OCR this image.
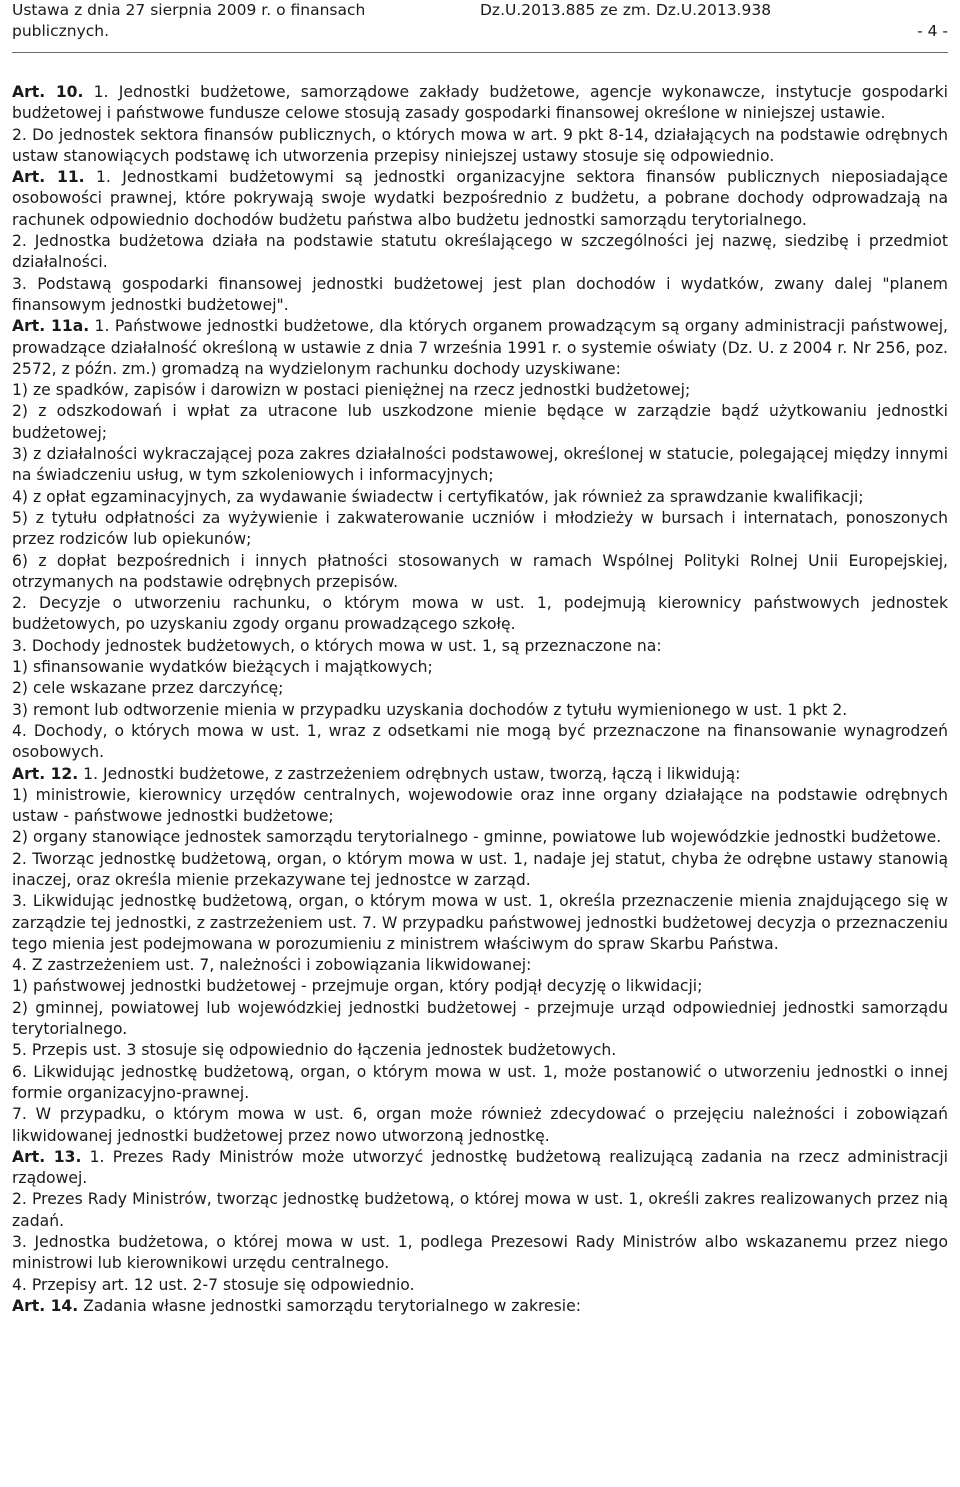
Ustawa z dnia 27 sierpnia 2009 r. o finansach publicznych.
Dz.U.2013.885 ze zm. Dz.U.2013.938
- 4 -

Art. 10. 1. Jednostki budżetowe, samorządowe zakłady budżetowe, agencje wykonawcze, instytucje gospodarki budżetowej i państwowe fundusze celowe stosują zasady gospodarki finansowej określone w niniejszej ustawie.

2. Do jednostek sektora finansów publicznych, o których mowa w art. 9 pkt 8-14, działających na podstawie odrębnych ustaw stanowiących podstawę ich utworzenia przepisy niniejszej ustawy stosuje się odpowiednio.

Art. 11. 1. Jednostkami budżetowymi są jednostki organizacyjne sektora finansów publicznych nieposiadające osobowości prawnej, które pokrywają swoje wydatki bezpośrednio z budżetu, a pobrane dochody odprowadzają na rachunek odpowiednio dochodów budżetu państwa albo budżetu jednostki samorządu terytorialnego.

2. Jednostka budżetowa działa na podstawie statutu określającego w szczególności jej nazwę, siedzibę i przedmiot działalności.

3. Podstawą gospodarki finansowej jednostki budżetowej jest plan dochodów i wydatków, zwany dalej "planem finansowym jednostki budżetowej".

Art. 11a. 1. Państwowe jednostki budżetowe, dla których organem prowadzącym są organy administracji państwowej, prowadzące działalność określoną w ustawie z dnia 7 września 1991 r. o systemie oświaty (Dz. U. z 2004 r. Nr 256, poz. 2572, z późn. zm.) gromadzą na wydzielonym rachunku dochody uzyskiwane:

1) ze spadków, zapisów i darowizn w postaci pieniężnej na rzecz jednostki budżetowej;

2) z odszkodowań i wpłat za utracone lub uszkodzone mienie będące w zarządzie bądź użytkowaniu jednostki budżetowej;

3) z działalności wykraczającej poza zakres działalności podstawowej, określonej w statucie, polegającej między innymi na świadczeniu usług, w tym szkoleniowych i informacyjnych;

4) z opłat egzaminacyjnych, za wydawanie świadectw i certyfikatów, jak również za sprawdzanie kwalifikacji;

5) z tytułu odpłatności za wyżywienie i zakwaterowanie uczniów i młodzieży w bursach i internatach, ponoszonych przez rodziców lub opiekunów;

6) z dopłat bezpośrednich i innych płatności stosowanych w ramach Wspólnej Polityki Rolnej Unii Europejskiej, otrzymanych na podstawie odrębnych przepisów.

2. Decyzje o utworzeniu rachunku, o którym mowa w ust. 1, podejmują kierownicy państwowych jednostek budżetowych, po uzyskaniu zgody organu prowadzącego szkołę.

3. Dochody jednostek budżetowych, o których mowa w ust. 1, są przeznaczone na:

1) sfinansowanie wydatków bieżących i majątkowych;

2) cele wskazane przez darczyńcę;

3) remont lub odtworzenie mienia w przypadku uzyskania dochodów z tytułu wymienionego w ust. 1 pkt 2.

4. Dochody, o których mowa w ust. 1, wraz z odsetkami nie mogą być przeznaczone na finansowanie wynagrodzeń osobowych.

Art. 12. 1. Jednostki budżetowe, z zastrzeżeniem odrębnych ustaw, tworzą, łączą i likwidują:

1) ministrowie, kierownicy urzędów centralnych, wojewodowie oraz inne organy działające na podstawie odrębnych ustaw - państwowe jednostki budżetowe;

2) organy stanowiące jednostek samorządu terytorialnego - gminne, powiatowe lub wojewódzkie jednostki budżetowe.

2. Tworząc jednostkę budżetową, organ, o którym mowa w ust. 1, nadaje jej statut, chyba że odrębne ustawy stanowią inaczej, oraz określa mienie przekazywane tej jednostce w zarząd.

3. Likwidując jednostkę budżetową, organ, o którym mowa w ust. 1, określa przeznaczenie mienia znajdującego się w zarządzie tej jednostki, z zastrzeżeniem ust. 7. W przypadku państwowej jednostki budżetowej decyzja o przeznaczeniu tego mienia jest podejmowana w porozumieniu z ministrem właściwym do spraw Skarbu Państwa.

4. Z zastrzeżeniem ust. 7, należności i zobowiązania likwidowanej:

1) państwowej jednostki budżetowej - przejmuje organ, który podjął decyzję o likwidacji;

2) gminnej, powiatowej lub wojewódzkiej jednostki budżetowej - przejmuje urząd odpowiedniej jednostki samorządu terytorialnego.

5. Przepis ust. 3 stosuje się odpowiednio do łączenia jednostek budżetowych.

6. Likwidując jednostkę budżetową, organ, o którym mowa w ust. 1, może postanowić o utworzeniu jednostki o innej formie organizacyjno-prawnej.

7. W przypadku, o którym mowa w ust. 6, organ może również zdecydować o przejęciu należności i zobowiązań likwidowanej jednostki budżetowej przez nowo utworzoną jednostkę.

Art. 13. 1. Prezes Rady Ministrów może utworzyć jednostkę budżetową realizującą zadania na rzecz administracji rządowej.

2. Prezes Rady Ministrów, tworząc jednostkę budżetową, o której mowa w ust. 1, określi zakres realizowanych przez nią zadań.

3. Jednostka budżetowa, o której mowa w ust. 1, podlega Prezesowi Rady Ministrów albo wskazanemu przez niego ministrowi lub kierownikowi urzędu centralnego.

4. Przepisy art. 12 ust. 2-7 stosuje się odpowiednio.

Art. 14. Zadania własne jednostki samorządu terytorialnego w zakresie:
